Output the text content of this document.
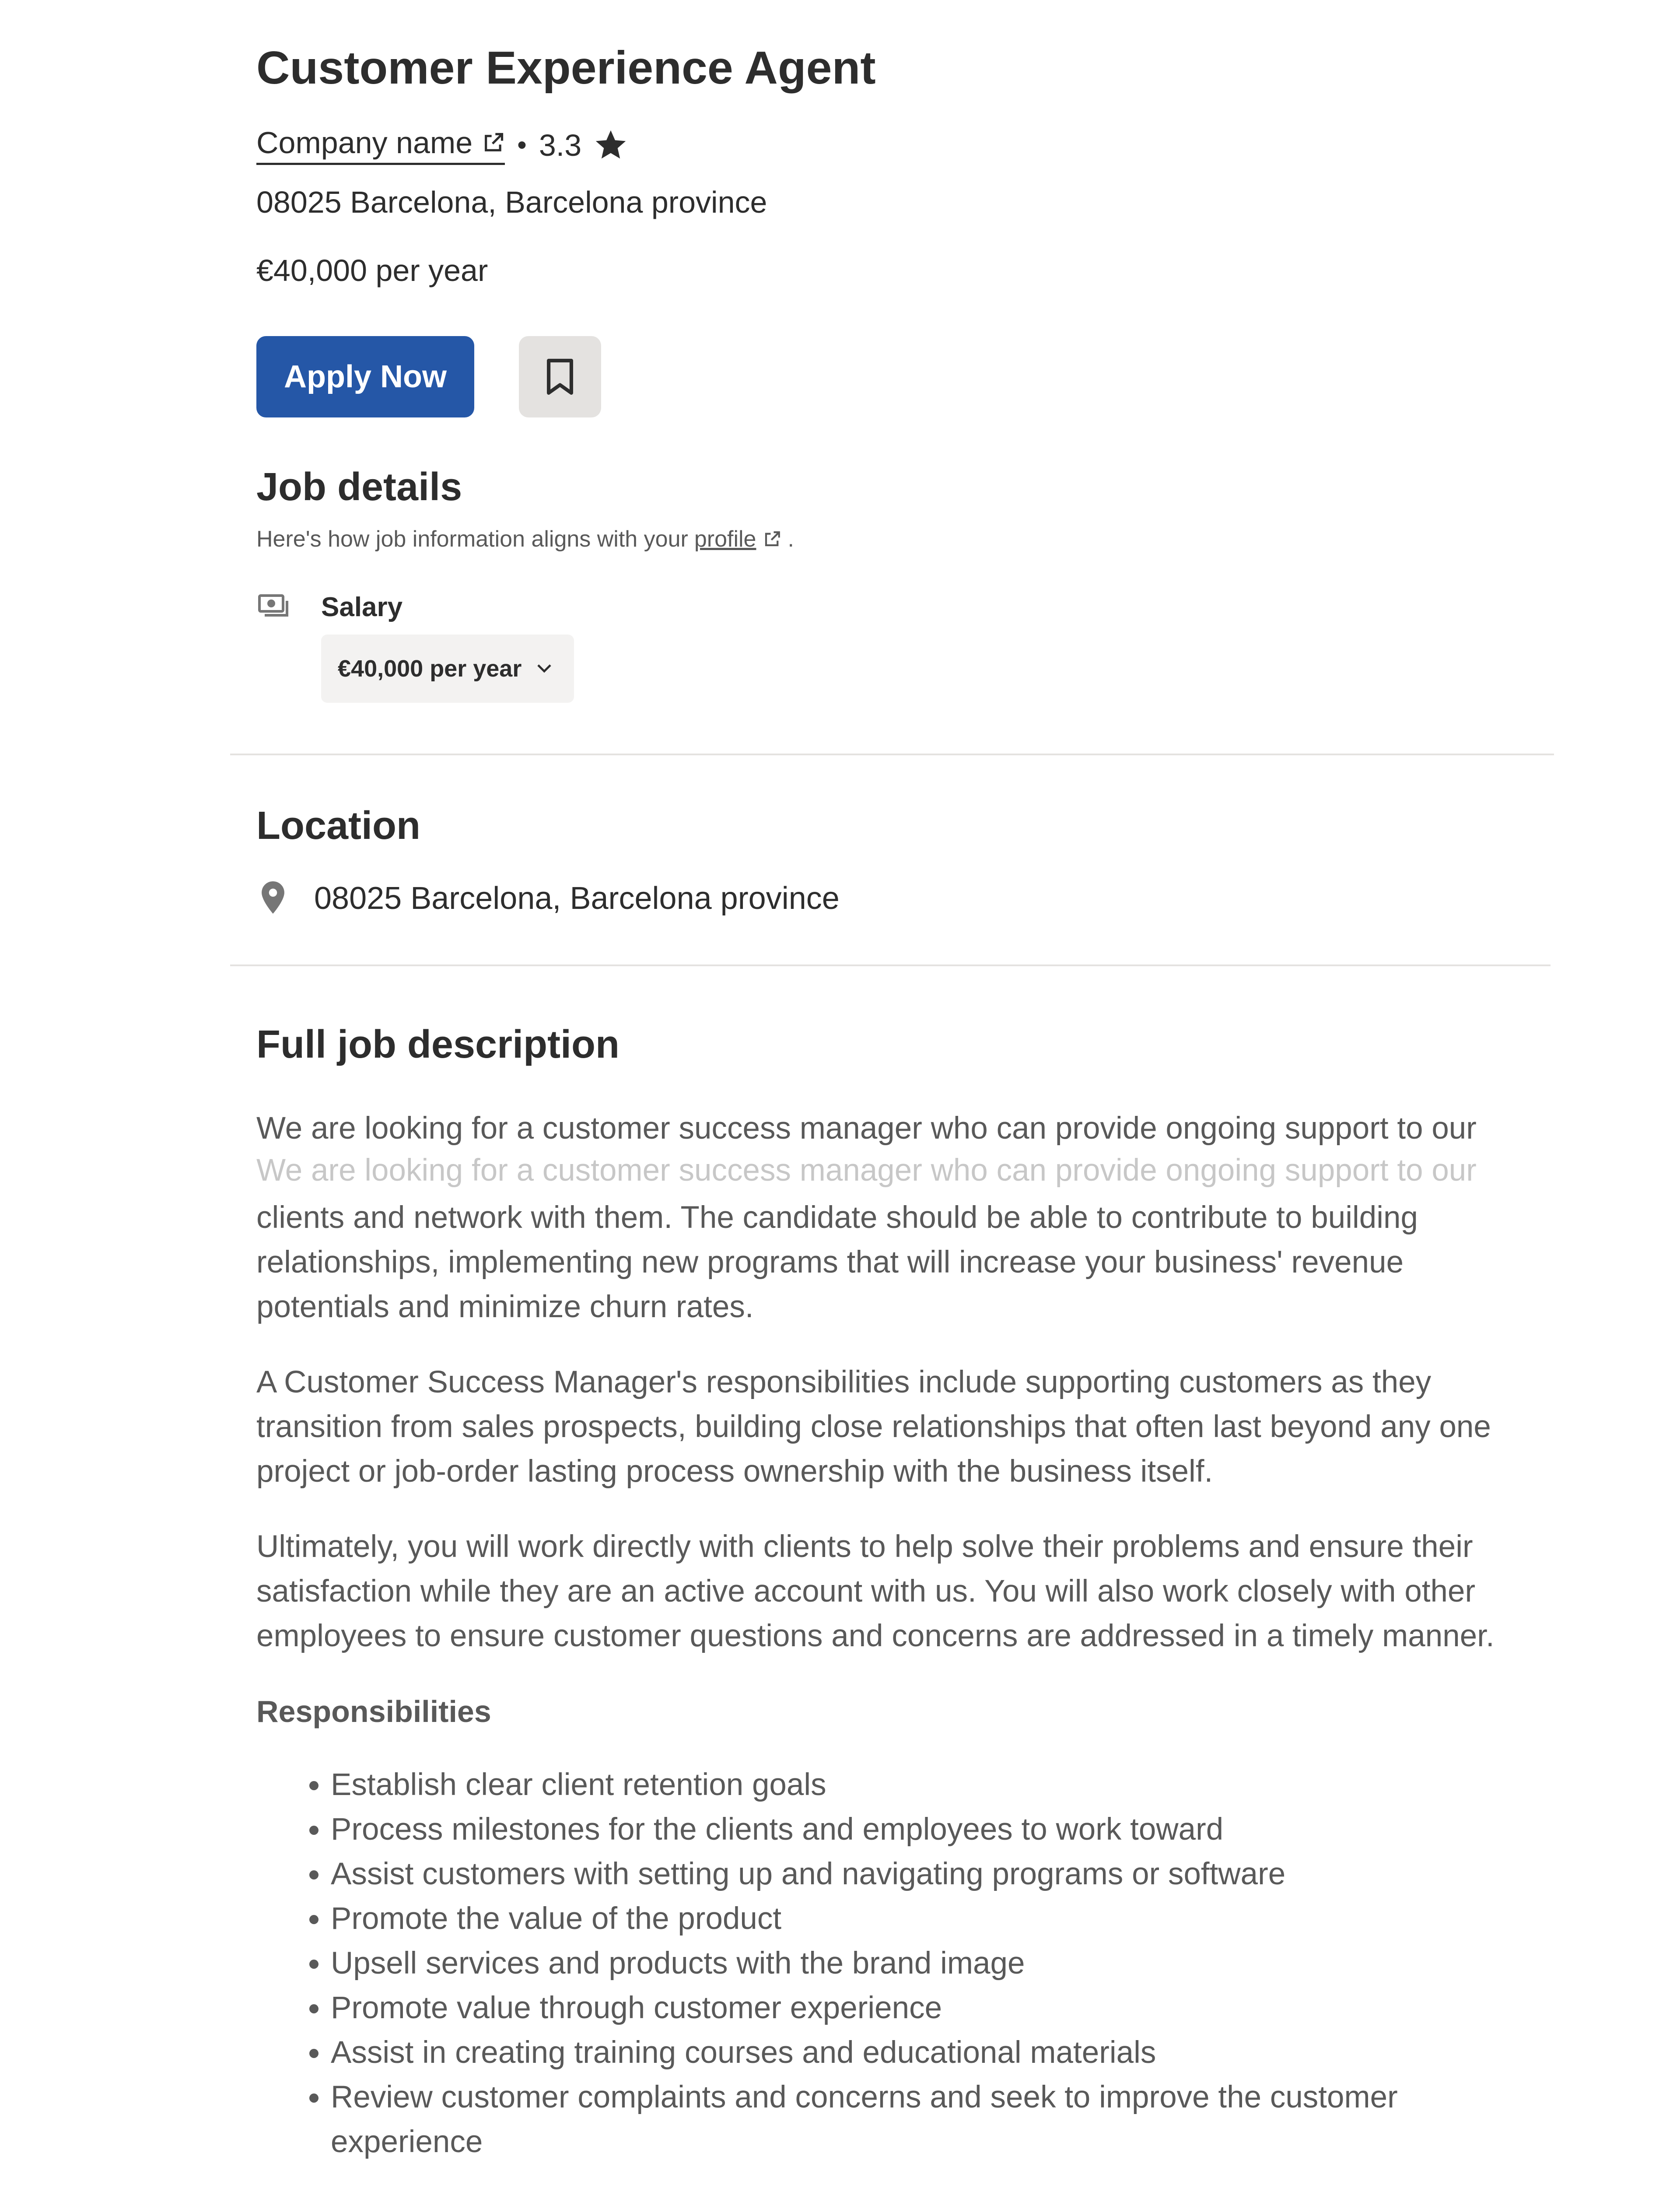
Customer Experience Agent
Company name • 3.3
08025 Barcelona, Barcelona province
€40,000 per year
Apply Now
Job details
Here's how job information aligns with your profile .
Salary
€40,000 per year
Location
08025 Barcelona, Barcelona province
Full job description

We are looking for a customer success manager who can provide ongoing support to our

We are looking for a customer success manager who can provide ongoing support to our

clients and network with them. The candidate should be able to contribute to building relationships, implementing new programs that will increase your business' revenue potentials and minimize churn rates.

A Customer Success Manager's responsibilities include supporting customers as they transition from sales prospects, building close relationships that often last beyond any one project or job-order lasting process ownership with the business itself.

Ultimately, you will work directly with clients to help solve their problems and ensure their satisfaction while they are an active account with us. You will also work closely with other employees to ensure customer questions and concerns are addressed in a timely manner.

Responsibilities
• Establish clear client retention goals
• Process milestones for the clients and employees to work toward
• Assist customers with setting up and navigating programs or software
• Promote the value of the product
• Upsell services and products with the brand image
• Promote value through customer experience
• Assist in creating training courses and educational materials
• Review customer complaints and concerns and seek to improve the customer experience
